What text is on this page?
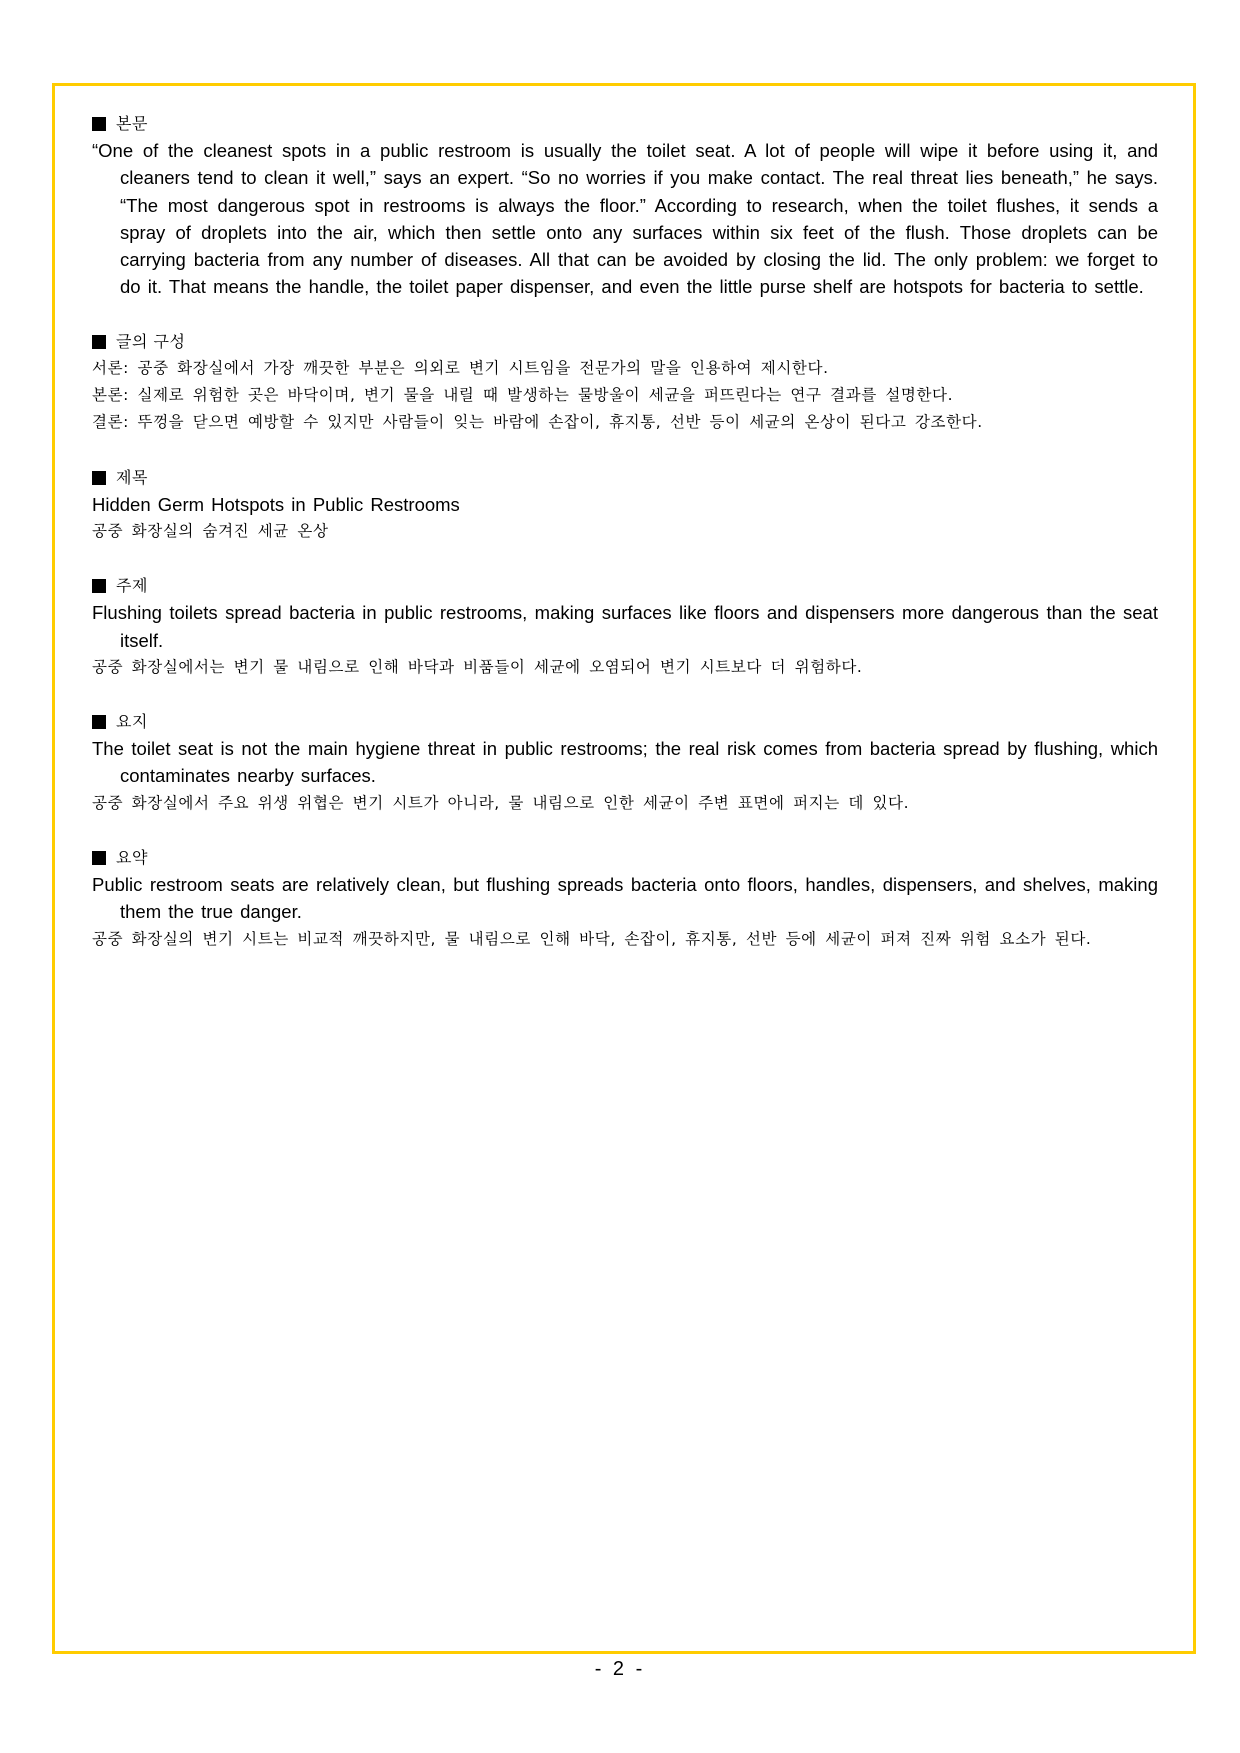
본문

“One of the cleanest spots in a public restroom is usually the toilet seat. A lot of people will wipe it before using it, and cleaners tend to clean it well,” says an expert. “So no worries if you make contact. The real threat lies beneath,” he says. “The most dangerous spot in restrooms is always the floor.” According to research, when the toilet flushes, it sends a spray of droplets into the air, which then settle onto any surfaces within six feet of the flush. Those droplets can be carrying bacteria from any number of diseases. All that can be avoided by closing the lid. The only problem: we forget to do it. That means the handle, the toilet paper dispenser, and even the little purse shelf are hotspots for bacteria to settle.

글의 구성

서론: 공중 화장실에서 가장 깨끗한 부분은 의외로 변기 시트임을 전문가의 말을 인용하여 제시한다.

본론: 실제로 위험한 곳은 바닥이며, 변기 물을 내릴 때 발생하는 물방울이 세균을 퍼뜨린다는 연구 결과를 설명한다.

결론: 뚜껑을 닫으면 예방할 수 있지만 사람들이 잊는 바람에 손잡이, 휴지통, 선반 등이 세균의 온상이 된다고 강조한다.

제목

Hidden Germ Hotspots in Public Restrooms

공중 화장실의 숨겨진 세균 온상

주제

Flushing toilets spread bacteria in public restrooms, making surfaces like floors and dispensers more dangerous than the seat itself.

공중 화장실에서는 변기 물 내림으로 인해 바닥과 비품들이 세균에 오염되어 변기 시트보다 더 위험하다.

요지

The toilet seat is not the main hygiene threat in public restrooms; the real risk comes from bacteria spread by flushing, which contaminates nearby surfaces.

공중 화장실에서 주요 위생 위협은 변기 시트가 아니라, 물 내림으로 인한 세균이 주변 표면에 퍼지는 데 있다.

요약

Public restroom seats are relatively clean, but flushing spreads bacteria onto floors, handles, dispensers, and shelves, making them the true danger.

공중 화장실의 변기 시트는 비교적 깨끗하지만, 물 내림으로 인해 바닥, 손잡이, 휴지통, 선반 등에 세균이 퍼져 진짜 위험 요소가 된다.

- 2 -
